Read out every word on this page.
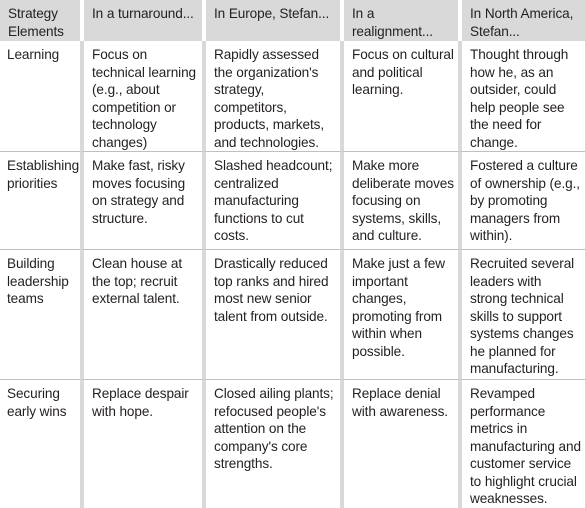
Strategy Elements	In a turnaround...	In Europe, Stefan...	In a realignment...	In North America, Stefan...
Learning	Focus on technical learning (e.g., about competition or technology changes)	Rapidly assessed the organization's strategy, competitors, products, markets, and technologies.	Focus on cultural and political learning.	Thought through how he, as an outsider, could help people see the need for change.
Establishing priorities	Make fast, risky moves focusing on strategy and structure.	Slashed headcount; centralized manufacturing functions to cut costs.	Make more deliberate moves focusing on systems, skills, and culture.	Fostered a culture of ownership (e.g., by promoting managers from within).
Building leadership teams	Clean house at the top; recruit external talent.	Drastically reduced top ranks and hired most new senior talent from outside.	Make just a few important changes, promoting from within when possible.	Recruited several leaders with strong technical skills to support systems changes he planned for manufacturing.
Securing early wins	Replace despair with hope.	Closed ailing plants; refocused people's attention on the company's core strengths.	Replace denial with awareness.	Revamped performance metrics in manufacturing and customer service to highlight crucial weaknesses.
